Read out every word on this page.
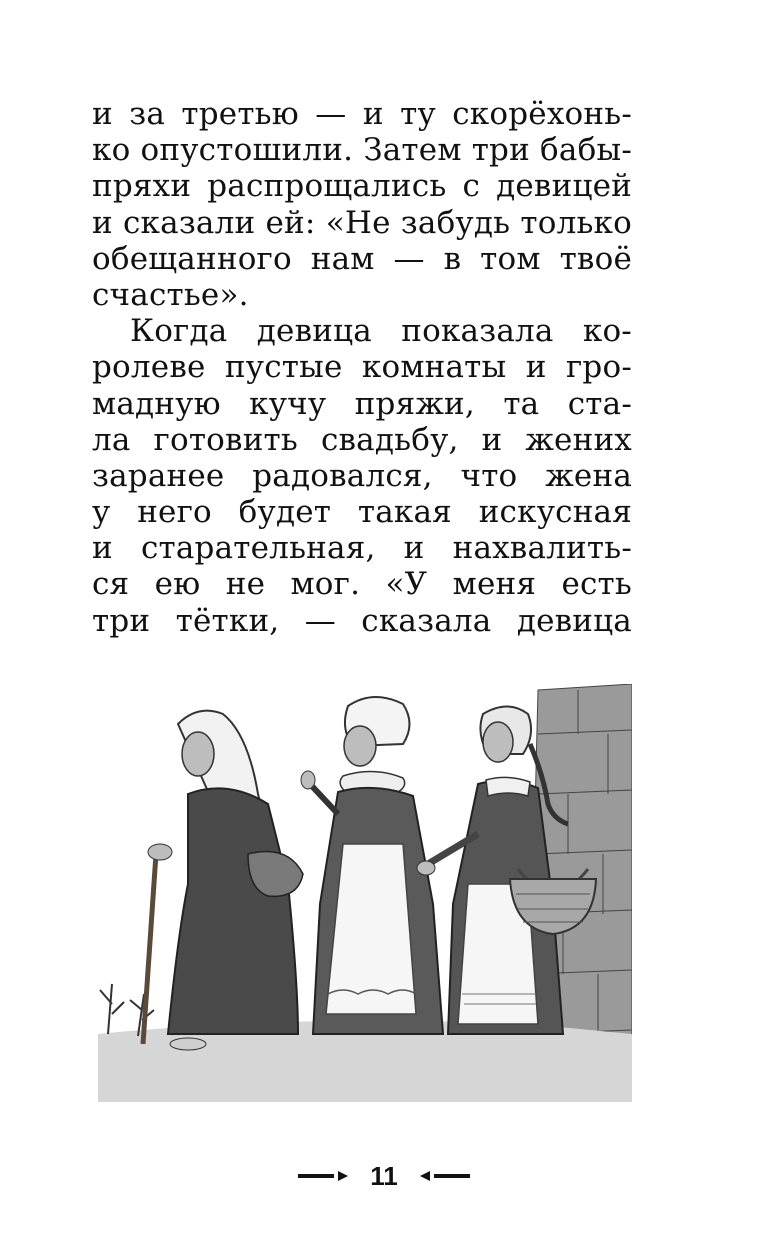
и за третью — и ту скорёхонь-
ко опустошили. Затем три бабы-
пряхи распрощались с девицей
и сказали ей: «Не забудь только
обещанного нам — в том твоё
счастье».
Когда девица показала ко-
ролеве пустые комнаты и гро-
мадную кучу пряжи, та ста-
ла готовить свадьбу, и жених
заранее радовался, что жена
у него будет такая искусная
и старательная, и нахвалить-
ся ею не мог. «У меня есть
три тётки, — сказала девица
11
